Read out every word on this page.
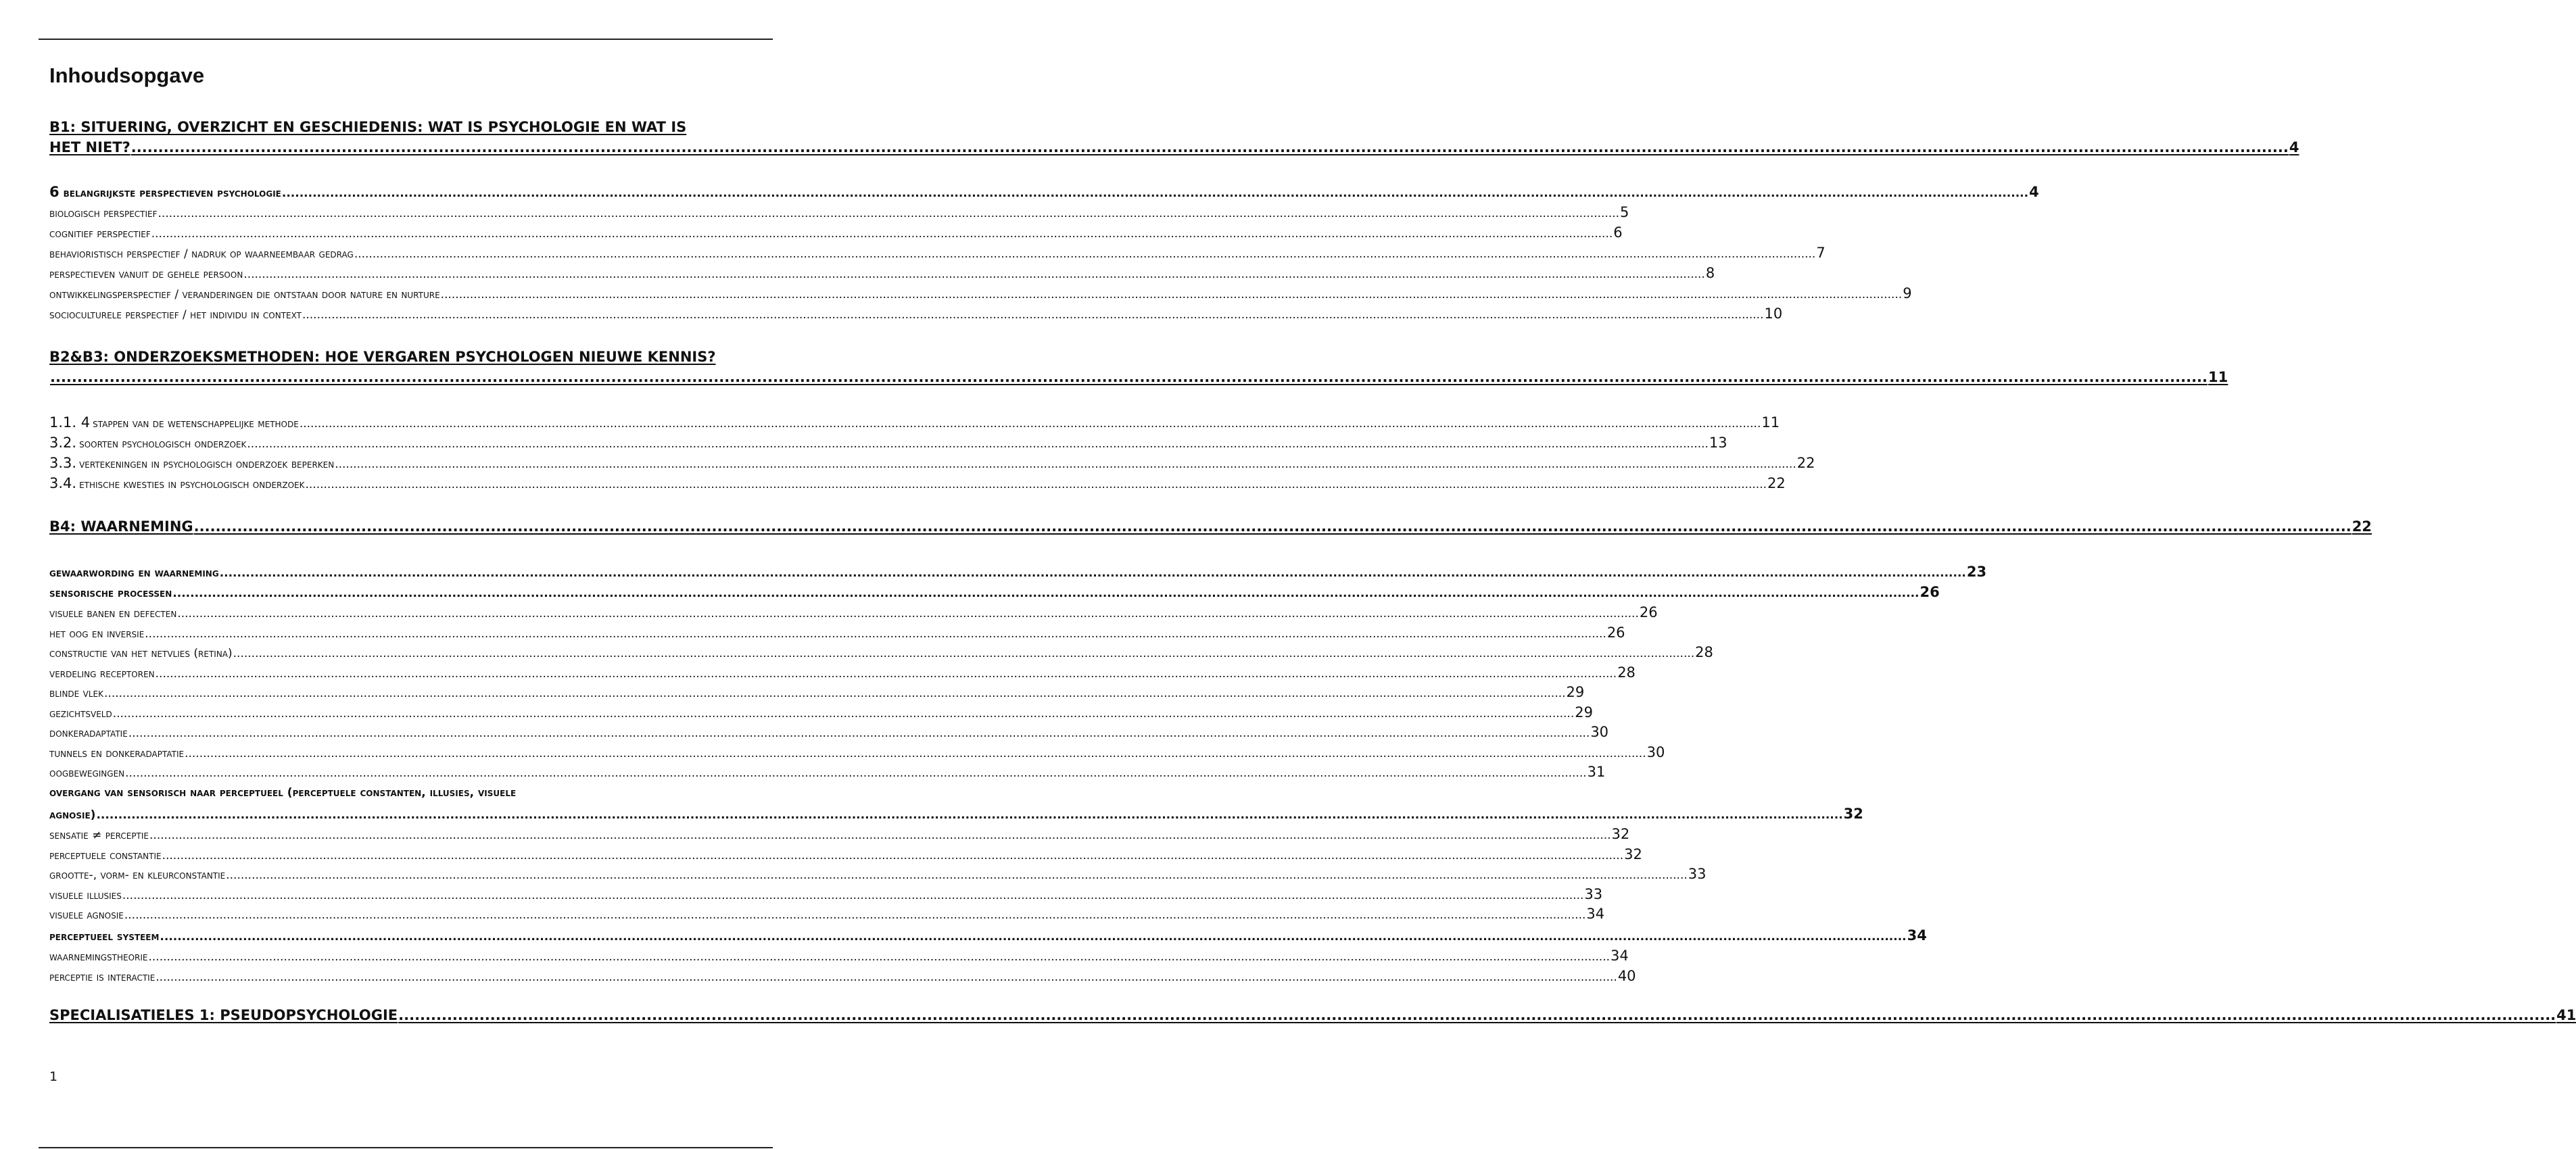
Inhoudsopgave
B1: SITUERING, OVERZICHT EN GESCHIEDENIS: WAT IS PSYCHOLOGIE EN WAT IS
HET NIET? ................................................................................................................................................................................................................................................................................................................................................................................................................ 4
6 belangrijkste perspectieven psychologie ................................................................................................................................................................................................................................................................................................................................................................................................................ 4
biologisch perspectief ................................................................................................................................................................................................................................................................................................................................................................................................................ 5
cognitief perspectief ................................................................................................................................................................................................................................................................................................................................................................................................................ 6
behavioristisch perspectief / nadruk op waarneembaar gedrag ................................................................................................................................................................................................................................................................................................................................................................................................................ 7
perspectieven vanuit de gehele persoon ................................................................................................................................................................................................................................................................................................................................................................................................................ 8
ontwikkelingsperspectief / veranderingen die ontstaan door nature en nurture ................................................................................................................................................................................................................................................................................................................................................................................................................ 9
socioculturele perspectief / het individu in context ................................................................................................................................................................................................................................................................................................................................................................................................................ 10
B2&B3: ONDERZOEKSMETHODEN: HOE VERGAREN PSYCHOLOGEN NIEUWE KENNIS?
................................................................................................................................................................................................................................................................................................................................................................................................................ 11
1.1. 4 stappen van de wetenschappelijke methode ................................................................................................................................................................................................................................................................................................................................................................................................................ 11
3.2. soorten psychologisch onderzoek ................................................................................................................................................................................................................................................................................................................................................................................................................ 13
3.3. vertekeningen in psychologisch onderzoek beperken ................................................................................................................................................................................................................................................................................................................................................................................................................ 22
3.4. ethische kwesties in psychologisch onderzoek ................................................................................................................................................................................................................................................................................................................................................................................................................ 22
B4: WAARNEMING ................................................................................................................................................................................................................................................................................................................................................................................................................ 22
gewaarwording en waarneming ................................................................................................................................................................................................................................................................................................................................................................................................................ 23
sensorische processen ................................................................................................................................................................................................................................................................................................................................................................................................................ 26
visuele banen en defecten ................................................................................................................................................................................................................................................................................................................................................................................................................ 26
het oog en inversie ................................................................................................................................................................................................................................................................................................................................................................................................................ 26
constructie van het netvlies (retina) ................................................................................................................................................................................................................................................................................................................................................................................................................ 28
verdeling receptoren ................................................................................................................................................................................................................................................................................................................................................................................................................ 28
blinde vlek ................................................................................................................................................................................................................................................................................................................................................................................................................ 29
gezichtsveld ................................................................................................................................................................................................................................................................................................................................................................................................................ 29
donkeradaptatie ................................................................................................................................................................................................................................................................................................................................................................................................................ 30
tunnels en donkeradaptatie ................................................................................................................................................................................................................................................................................................................................................................................................................ 30
oogbewegingen ................................................................................................................................................................................................................................................................................................................................................................................................................ 31
overgang van sensorisch naar perceptueel (perceptuele constanten, illusies, visuele
agnosie) ................................................................................................................................................................................................................................................................................................................................................................................................................ 32
sensatie ≠ perceptie ................................................................................................................................................................................................................................................................................................................................................................................................................ 32
perceptuele constantie ................................................................................................................................................................................................................................................................................................................................................................................................................ 32
grootte-, vorm- en kleurconstantie ................................................................................................................................................................................................................................................................................................................................................................................................................ 33
visuele illusies ................................................................................................................................................................................................................................................................................................................................................................................................................ 33
visuele agnosie ................................................................................................................................................................................................................................................................................................................................................................................................................ 34
perceptueel systeem ................................................................................................................................................................................................................................................................................................................................................................................................................ 34
waarnemingstheorie ................................................................................................................................................................................................................................................................................................................................................................................................................ 34
perceptie is interactie ................................................................................................................................................................................................................................................................................................................................................................................................................ 40
SPECIALISATIELES 1: PSEUDOPSYCHOLOGIE ................................................................................................................................................................................................................................................................................................................................................................................................................ 41
1
